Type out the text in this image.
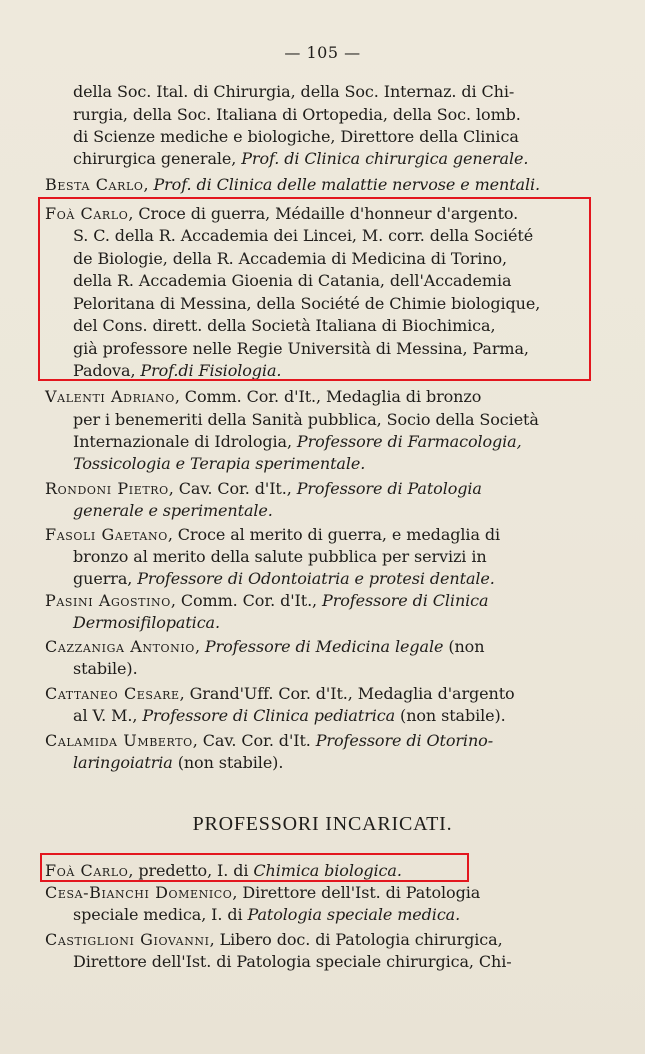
— 105 —
della Soc. Ital. di Chirurgia, della Soc. Internaz. di Chi-
rurgia, della Soc. Italiana di Ortopedia, della Soc. lomb.
di Scienze mediche e biologiche, Direttore della Clinica
chirurgica generale, Prof. di Clinica chirurgica generale.
Besta Carlo, Prof. di Clinica delle malattie nervose e mentali.
Foà Carlo, Croce di guerra, Médaille d'honneur d'argento.
S. C. della R. Accademia dei Lincei, M. corr. della Société
de Biologie, della R. Accademia di Medicina di Torino,
della R. Accademia Gioenia di Catania, dell'Accademia
Peloritana di Messina, della Société de Chimie biologique,
del Cons. dirett. della Società Italiana di Biochimica,
già professore nelle Regie Università di Messina, Parma,
Padova, Prof.di Fisiologia.
Valenti Adriano, Comm. Cor. d'It., Medaglia di bronzo
per i benemeriti della Sanità pubblica, Socio della Società
Internazionale di Idrologia, Professore di Farmacologia,
Tossicologia e Terapia sperimentale.
Rondoni Pietro, Cav. Cor. d'It., Professore di Patologia
generale e sperimentale.
Fasoli Gaetano, Croce al merito di guerra, e medaglia di
bronzo al merito della salute pubblica per servizi in
guerra, Professore di Odontoiatria e protesi dentale.
Pasini Agostino, Comm. Cor. d'It., Professore di Clinica
Dermosifilopatica.
Cazzaniga Antonio, Professore di Medicina legale (non
stabile).
Cattaneo Cesare, Grand'Uff. Cor. d'It., Medaglia d'argento
al V. M., Professore di Clinica pediatrica (non stabile).
Calamida Umberto, Cav. Cor. d'It. Professore di Otorino-
laringoiatria (non stabile).
PROFESSORI INCARICATI.
Foà Carlo, predetto, I. di Chimica biologica.
Cesa-Bianchi Domenico, Direttore dell'Ist. di Patologia
speciale medica, I. di Patologia speciale medica.
Castiglioni Giovanni, Libero doc. di Patologia chirurgica,
Direttore dell'Ist. di Patologia speciale chirurgica, Chi-
